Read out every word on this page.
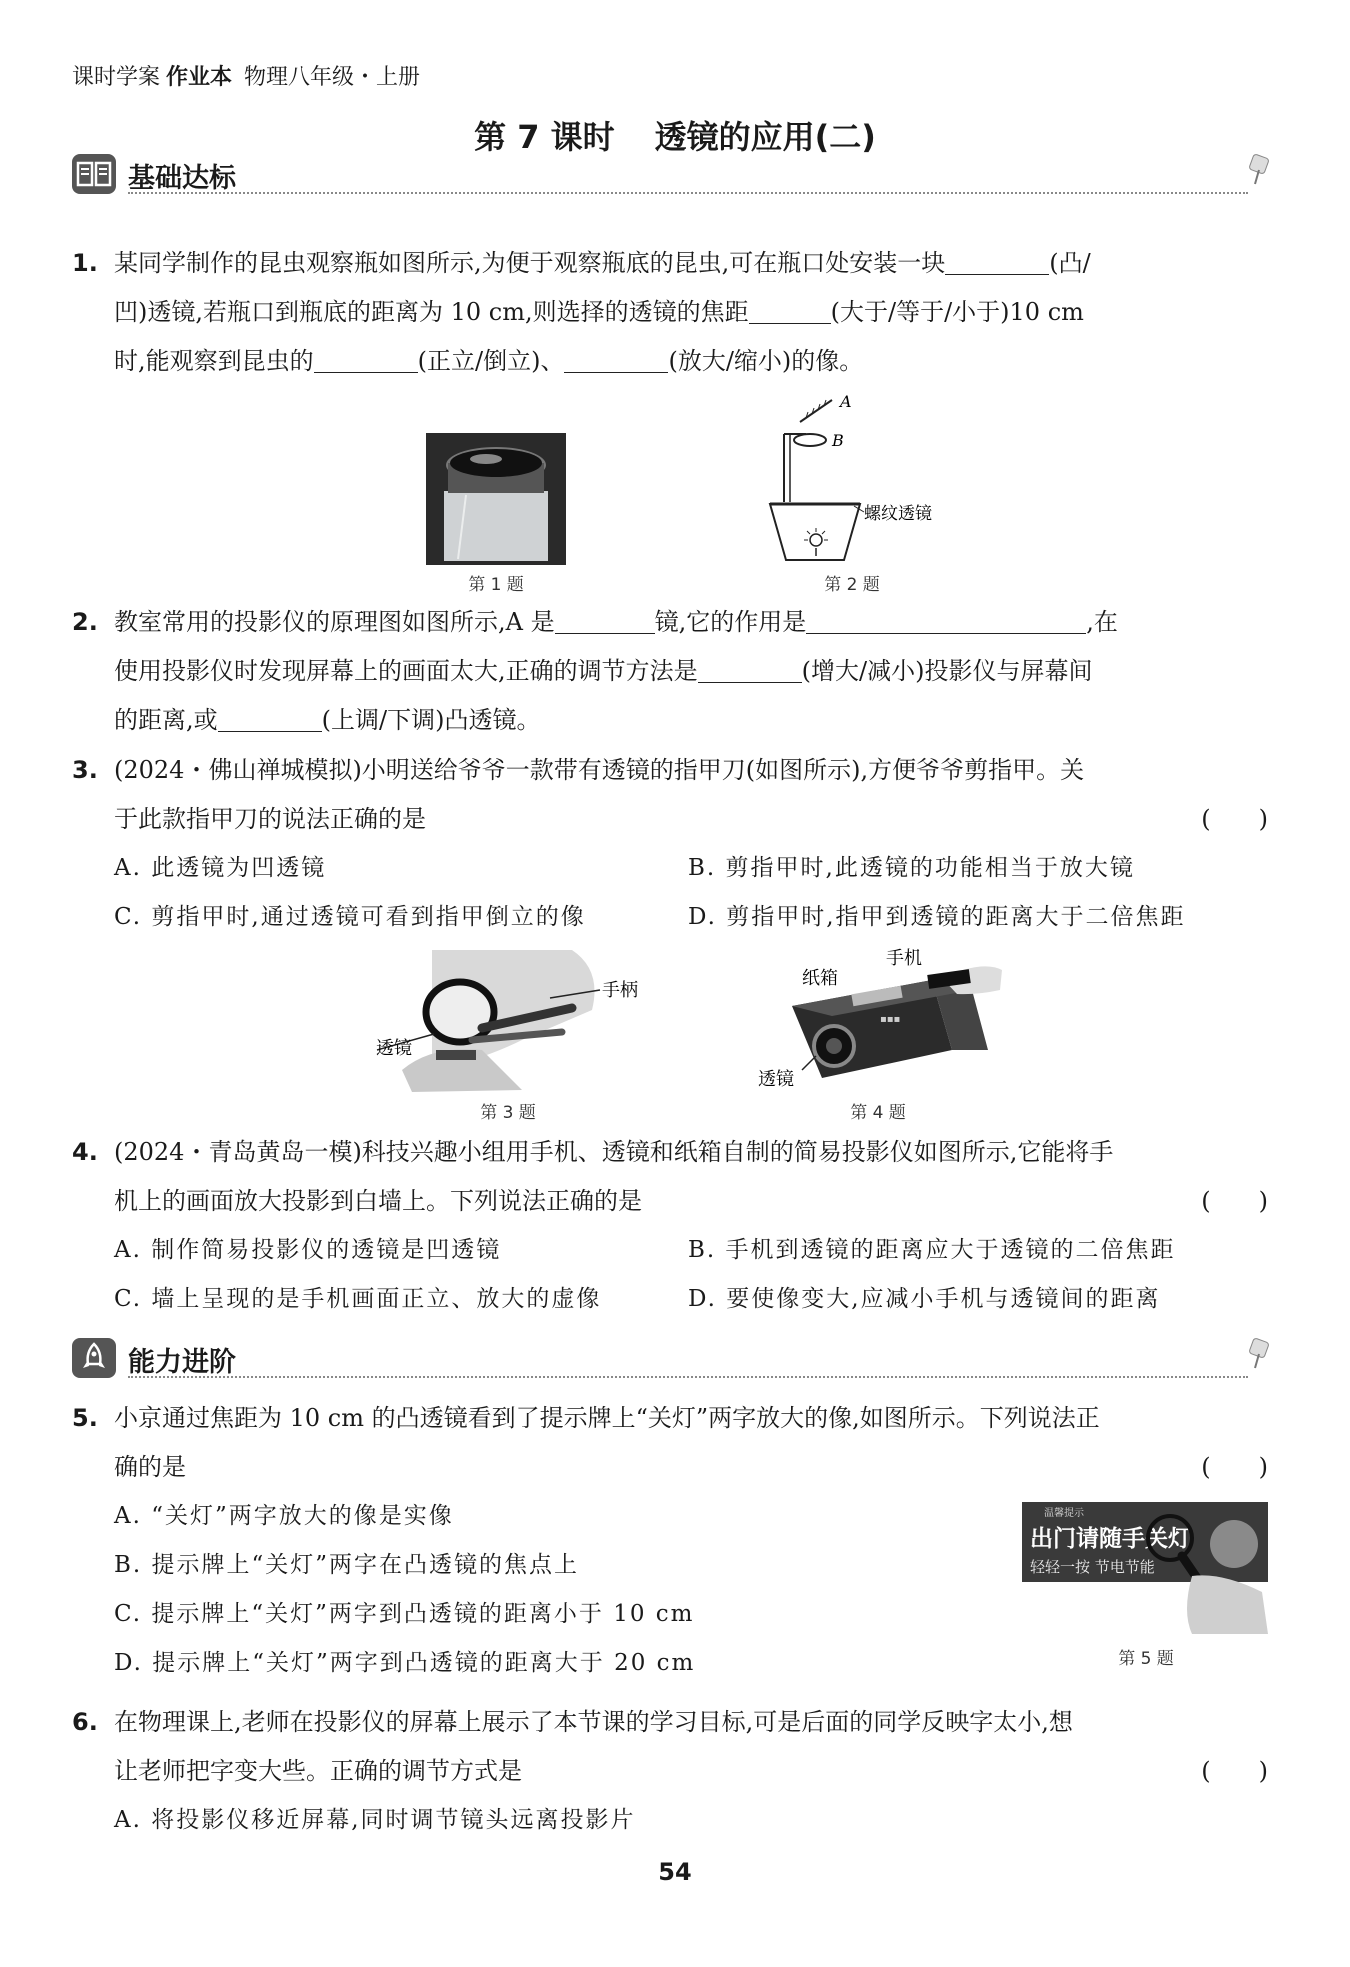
课时学案 作业本 物理八年级・上册
第 7 课时 透镜的应用(二)
基础达标
1. 某同学制作的昆虫观察瓶如图所示,为便于观察瓶底的昆虫,可在瓶口处安装一块	(凸/
凹)透镜,若瓶口到瓶底的距离为 10 cm,则选择的透镜的焦距	(大于/等于/小于)10 cm
时,能观察到昆虫的	(正立/倒立)、	(放大/缩小)的像。
第 1 题
A
B
螺纹透镜
第 2 题
2. 教室常用的投影仪的原理图如图所示,A 是	镜,它的作用是	,在
使用投影仪时发现屏幕上的画面太大,正确的调节方法是	(增大/减小)投影仪与屏幕间
的距离,或	(上调/下调)凸透镜。
3. (2024・佛山禅城模拟)小明送给爷爷一款带有透镜的指甲刀(如图所示),方便爷爷剪指甲。关
于此款指甲刀的说法正确的是	(　　)
A. 此透镜为凹透镜	B. 剪指甲时,此透镜的功能相当于放大镜
C. 剪指甲时,通过透镜可看到指甲倒立的像	D. 剪指甲时,指甲到透镜的距离大于二倍焦距
手柄
透镜
第 3 题
▪▪▪
透镜
纸箱
手机
第 4 题
4. (2024・青岛黄岛一模)科技兴趣小组用手机、透镜和纸箱自制的简易投影仪如图所示,它能将手
机上的画面放大投影到白墙上。下列说法正确的是	(　　)
A. 制作简易投影仪的透镜是凹透镜	B. 手机到透镜的距离应大于透镜的二倍焦距
C. 墙上呈现的是手机画面正立、放大的虚像	D. 要使像变大,应减小手机与透镜间的距离
能力进阶
5. 小京通过焦距为 10 cm 的凸透镜看到了提示牌上“关灯”两字放大的像,如图所示。下列说法正
确的是	(　　)
A. “关灯”两字放大的像是实像
B. 提示牌上“关灯”两字在凸透镜的焦点上
C. 提示牌上“关灯”两字到凸透镜的距离小于 10 cm
D. 提示牌上“关灯”两字到凸透镜的距离大于 20 cm
温馨提示
出门请随手关灯
轻轻一按 节电节能
第 5 题
6. 在物理课上,老师在投影仪的屏幕上展示了本节课的学习目标,可是后面的同学反映字太小,想
让老师把字变大些。正确的调节方式是	(　　)
A. 将投影仪移近屏幕,同时调节镜头远离投影片
54
